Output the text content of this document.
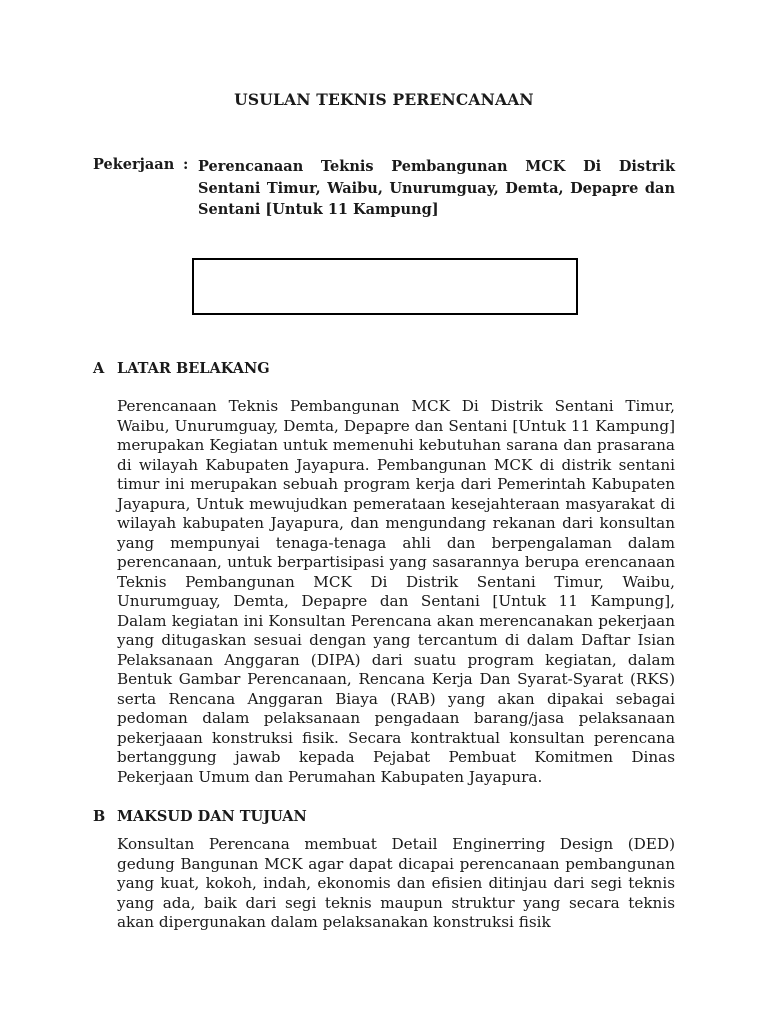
USULAN TEKNIS PERENCANAAN
Pekerjaan : Perencanaan Teknis Pembangunan MCK Di Distrik Sentani Timur, Waibu, Unurumguay, Demta, Depapre dan Sentani [Untuk 11 Kampung]
A LATAR BELAKANG
Perencanaan Teknis Pembangunan MCK Di Distrik Sentani Timur, Waibu, Unurumguay, Demta, Depapre dan Sentani [Untuk 11 Kampung] merupakan Kegiatan untuk memenuhi kebutuhan sarana dan prasarana di wilayah Kabupaten Jayapura. Pembangunan MCK di distrik sentani timur ini merupakan sebuah program kerja dari Pemerintah Kabupaten Jayapura, Untuk mewujudkan pemerataan kesejahteraan masyarakat di wilayah kabupaten Jayapura, dan mengundang rekanan dari konsultan yang mempunyai tenaga-tenaga ahli dan berpengalaman dalam perencanaan, untuk berpartisipasi yang sasarannya berupa erencanaan Teknis Pembangunan MCK Di Distrik Sentani Timur, Waibu, Unurumguay, Demta, Depapre dan Sentani [Untuk 11 Kampung], Dalam kegiatan ini Konsultan Perencana akan merencanakan pekerjaan yang ditugaskan sesuai dengan yang tercantum di dalam Daftar Isian Pelaksanaan Anggaran (DIPA) dari suatu program kegiatan, dalam Bentuk Gambar Perencanaan, Rencana Kerja Dan Syarat-Syarat (RKS) serta Rencana Anggaran Biaya (RAB) yang akan dipakai sebagai pedoman dalam pelaksanaan pengadaan barang/jasa pelaksanaan pekerjaaan konstruksi fisik. Secara kontraktual konsultan perencana bertanggung jawab kepada Pejabat Pembuat Komitmen Dinas Pekerjaan Umum dan Perumahan Kabupaten Jayapura.
B MAKSUD DAN TUJUAN
Konsultan Perencana membuat Detail Enginerring Design (DED) gedung Bangunan MCK agar dapat dicapai perencanaan pembangunan yang kuat, kokoh, indah, ekonomis dan efisien ditinjau dari segi teknis yang ada, baik dari segi teknis maupun struktur yang secara teknis akan dipergunakan dalam pelaksanakan konstruksi fisik
